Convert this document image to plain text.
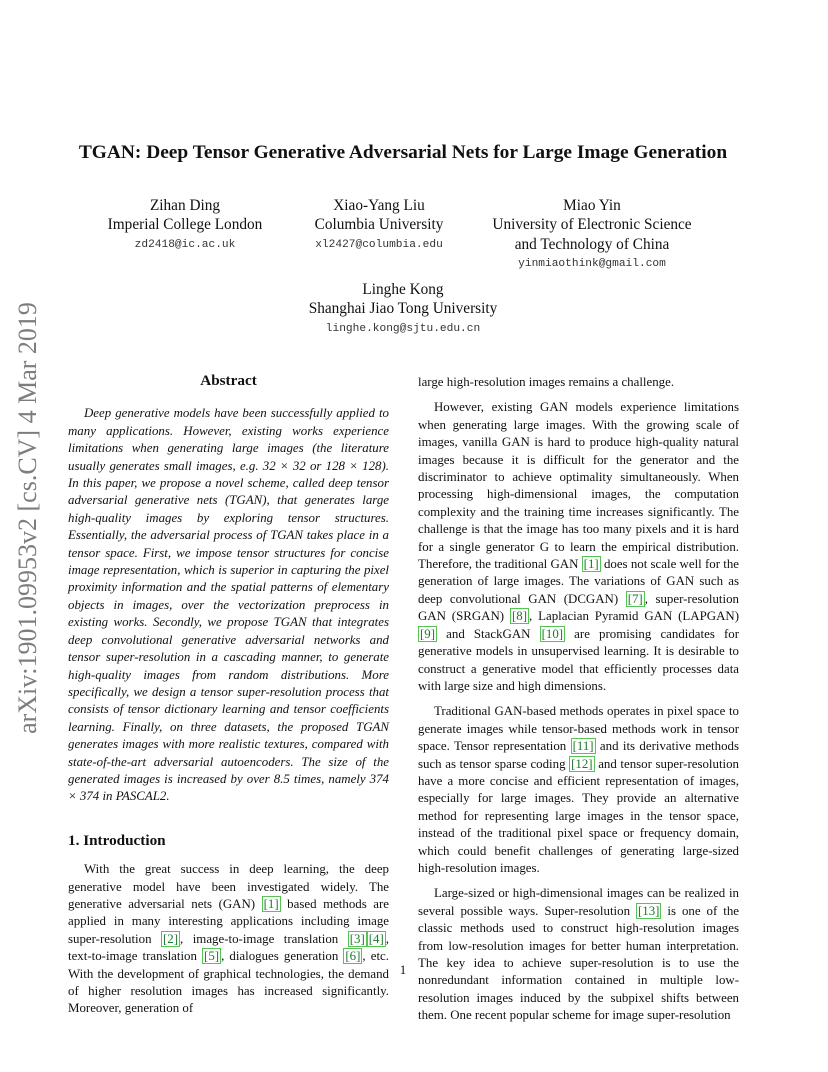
arXiv:1901.09953v2 [cs.CV] 4 Mar 2019
TGAN: Deep Tensor Generative Adversarial Nets for Large Image Generation
Zihan Ding
Imperial College London
zd2418@ic.ac.uk
Xiao-Yang Liu
Columbia University
xl2427@columbia.edu
Miao Yin
University of Electronic Science
and Technology of China
yinmiaothink@gmail.com
Linghe Kong
Shanghai Jiao Tong University
linghe.kong@sjtu.edu.cn
Abstract

Deep generative models have been successfully applied to many applications. However, existing works experience limitations when generating large images (the literature usually generates small images, e.g. 32 × 32 or 128 × 128). In this paper, we propose a novel scheme, called deep tensor adversarial generative nets (TGAN), that generates large high-quality images by exploring tensor structures. Essentially, the adversarial process of TGAN takes place in a tensor space. First, we impose tensor structures for concise image representation, which is superior in capturing the pixel proximity information and the spatial patterns of elementary objects in images, over the vectorization preprocess in existing works. Secondly, we propose TGAN that integrates deep convolutional generative adversarial networks and tensor super-resolution in a cascading manner, to generate high-quality images from random distributions. More specifically, we design a tensor super-resolution process that consists of tensor dictionary learning and tensor coefficients learning. Finally, on three datasets, the proposed TGAN generates images with more realistic textures, compared with state-of-the-art adversarial autoencoders. The size of the generated images is increased by over 8.5 times, namely 374 × 374 in PASCAL2.

1. Introduction

With the great success in deep learning, the deep generative model have been investigated widely. The generative adversarial nets (GAN) [1] based methods are applied in many interesting applications including image super-resolution [2] , image-to-image translation [3] [4] , text-to-image translation [5] , dialogues generation [6] , etc. With the development of graphical technologies, the demand of higher resolution images has increased significantly. Moreover, generation of

large high-resolution images remains a challenge.

However, existing GAN models experience limitations when generating large images. With the growing scale of images, vanilla GAN is hard to produce high-quality natural images because it is difficult for the generator and the discriminator to achieve optimality simultaneously. When processing high-dimensional images, the computation complexity and the training time increases significantly. The challenge is that the image has too many pixels and it is hard for a single generator G to learn the empirical distribution. Therefore, the traditional GAN [1] does not scale well for the generation of large images. The variations of GAN such as deep convolutional GAN (DCGAN) [7] , super-resolution GAN (SRGAN) [8] , Laplacian Pyramid GAN (LAPGAN) [9] and StackGAN [10] are promising candidates for generative models in unsupervised learning. It is desirable to construct a generative model that efficiently processes data with large size and high dimensions.

Traditional GAN-based methods operates in pixel space to generate images while tensor-based methods work in tensor space. Tensor representation [11] and its derivative methods such as tensor sparse coding [12] and tensor super-resolution have a more concise and efficient representation of images, especially for large images. They provide an alternative method for representing large images in the tensor space, instead of the traditional pixel space or frequency domain, which could benefit challenges of generating large-sized high-resolution images.

Large-sized or high-dimensional images can be realized in several possible ways. Super-resolution [13] is one of the classic methods used to construct high-resolution images from low-resolution images for better human interpretation. The key idea to achieve super-resolution is to use the nonredundant information contained in multiple low-resolution images induced by the subpixel shifts between them. One recent popular scheme for image super-resolution

1
